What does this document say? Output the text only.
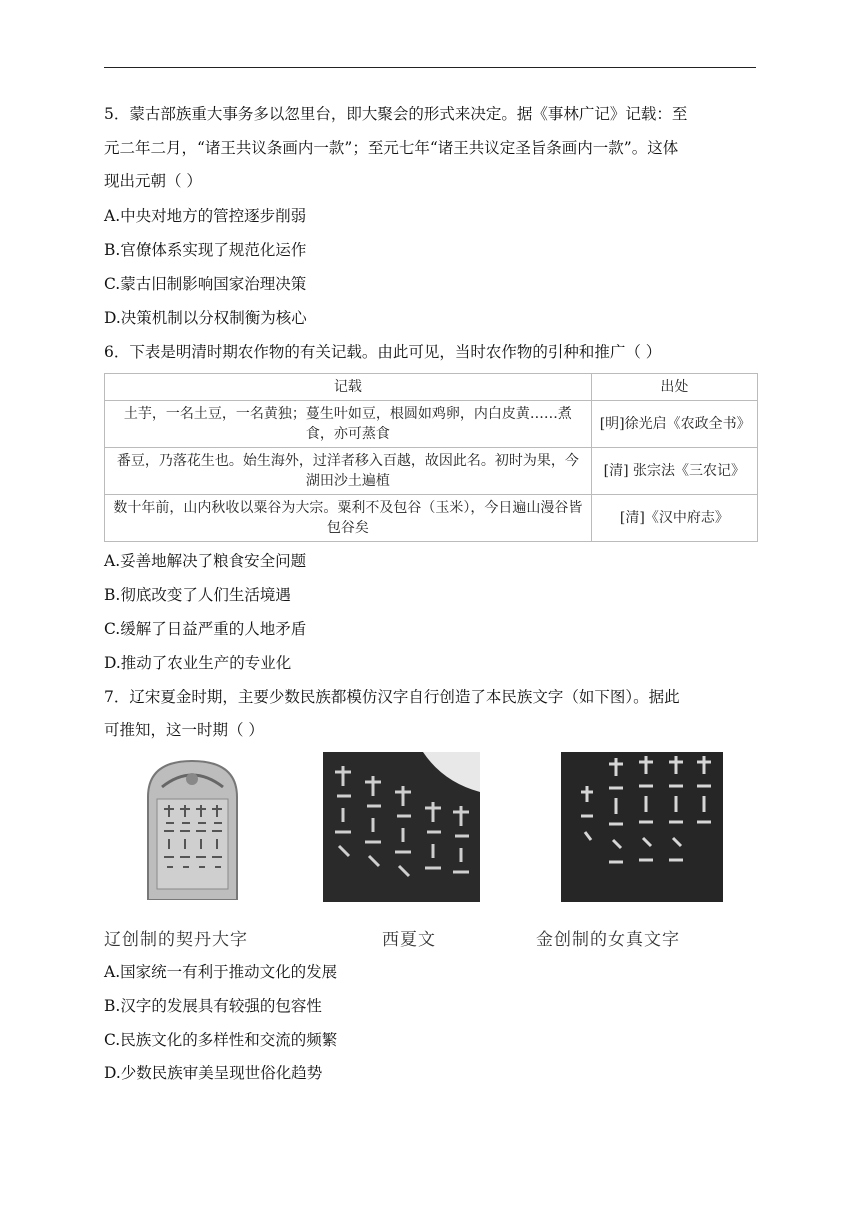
5．蒙古部族重大事务多以忽里台，即大聚会的形式来决定。据《事林广记》记载：至
元二年二月，“诸王共议条画内一款”；至元七年“诸王共议定圣旨条画内一款”。这体
现出元朝（ ）
A.中央对地方的管控逐步削弱
B.官僚体系实现了规范化运作
C.蒙古旧制影响国家治理决策
D.决策机制以分权制衡为核心
6．下表是明清时期农作物的有关记载。由此可见，当时农作物的引种和推广（ ）
记载	出处
土芋，一名土豆，一名黄独；蔓生叶如豆，根圆如鸡卵，内白皮黄……煮食，亦可蒸食	[明]徐光启《农政全书》
番豆，乃落花生也。始生海外，过洋者移入百越，故因此名。初时为果，今湖田沙土遍植	[清] 张宗法《三农记》
数十年前，山内秋收以粟谷为大宗。粟利不及包谷（玉米），今日遍山漫谷皆包谷矣	[清]《汉中府志》
A.妥善地解决了粮食安全问题
B.彻底改变了人们生活境遇
C.缓解了日益严重的人地矛盾
D.推动了农业生产的专业化
7．辽宋夏金时期，主要少数民族都模仿汉字自行创造了本民族文字（如下图）。据此
可推知，这一时期（ ）
辽创制的契丹大字	西夏文	金创制的女真文字
A.国家统一有利于推动文化的发展
B.汉字的发展具有较强的包容性
C.民族文化的多样性和交流的频繁
D.少数民族审美呈现世俗化趋势
